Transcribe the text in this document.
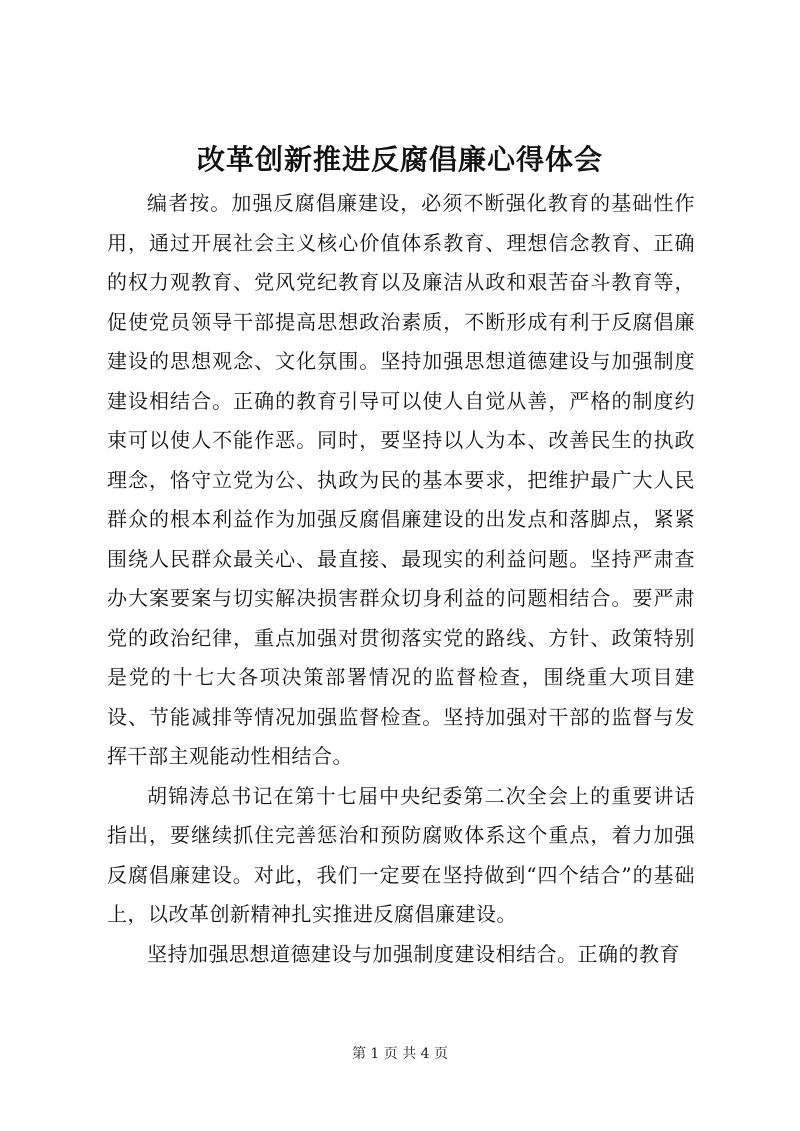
改革创新推进反腐倡廉心得体会

编者按。加强反腐倡廉建设，必须不断强化教育的基础性作用，通过开展社会主义核心价值体系教育、理想信念教育、正确的权力观教育、党风党纪教育以及廉洁从政和艰苦奋斗教育等，促使党员领导干部提高思想政治素质，不断形成有利于反腐倡廉建设的思想观念、文化氛围。坚持加强思想道德建设与加强制度建设相结合。正确的教育引导可以使人自觉从善，严格的制度约束可以使人不能作恶。同时，要坚持以人为本、改善民生的执政理念，恪守立党为公、执政为民的基本要求，把维护最广大人民群众的根本利益作为加强反腐倡廉建设的出发点和落脚点，紧紧围绕人民群众最关心、最直接、最现实的利益问题。坚持严肃查办大案要案与切实解决损害群众切身利益的问题相结合。要严肃党的政治纪律，重点加强对贯彻落实党的路线、方针、政策特别是党的十七大各项决策部署情况的监督检查，围绕重大项目建设、节能减排等情况加强监督检查。坚持加强对干部的监督与发挥干部主观能动性相结合。

胡锦涛总书记在第十七届中央纪委第二次全会上的重要讲话指出，要继续抓住完善惩治和预防腐败体系这个重点，着力加强反腐倡廉建设。对此，我们一定要在坚持做到“四个结合”的基础上，以改革创新精神扎实推进反腐倡廉建设。

坚持加强思想道德建设与加强制度建设相结合。正确的教育

第 1 页 共 4 页
